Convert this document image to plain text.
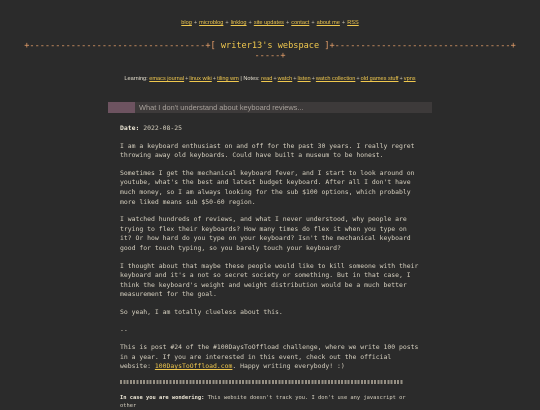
blog + microblog + linklog + site updates + contact + about me + RSS
+----------------------------------+[ writer13's webspace ]+----------------------------------+
-----+
Learning: emacs journal+linux wiki+tiling wm | Notes: read+watch+listen+watch collection+old games stuff+vpns
What I don't understand about keyboard reviews...
Date: 2022-08-25

I am a keyboard enthusiast on and off for the past 30 years. I really regret throwing away old keyboards. Could have built a museum to be honest.

Sometimes I get the mechanical keyboard fever, and I start to look around on youtube, what's the best and latest budget keyboard. After all I don't have much money, so I am always looking for the sub $100 options, which probably more liked means sub $50-60 region.

I watched hundreds of reviews, and what I never understood, why people are trying to flex their keyboards? How many times do flex it when you type on it? Or how hard do you type on your keyboard? Isn't the mechanical keyboard good for touch typing, so you barely touch your keyboard?

I thought about that maybe these people would like to kill someone with their keyboard and it's a not so secret society or something. But in that case, I think the keyboard's weight and weight distribution would be a much better measurement for the goal.

So yeah, I am totally clueless about this.

--

This is post #24 of the #100DaysToOffload challenge, where we write 100 posts in a year. If you are interested in this event, check out the official website: 100DaysToOffload.com. Happy writing everybody! :)

In case you are wondering: This website doesn't track you. I don't use any javascript or other
